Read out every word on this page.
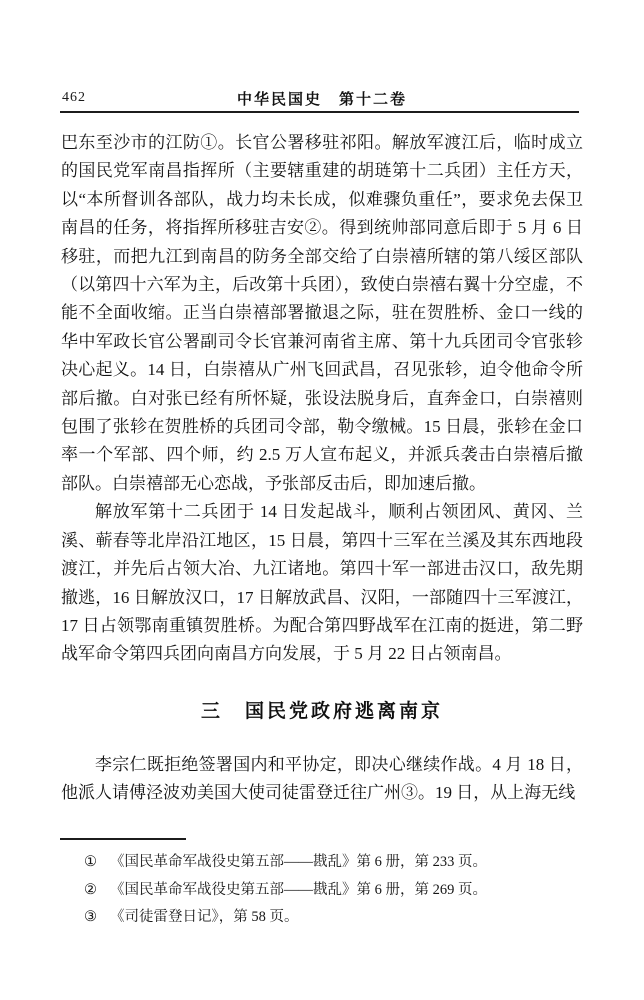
462	中华民国史　第十二卷

巴东至沙市的江防①。长官公署移驻祁阳。解放军渡江后，临时成立的国民党军南昌指挥所（主要辖重建的胡琏第十二兵团）主任方天，以“本所督训各部队，战力均未长成，似难骤负重任”，要求免去保卫南昌的任务，将指挥所移驻吉安②。得到统帅部同意后即于 5 月 6 日移驻，而把九江到南昌的防务全部交给了白崇禧所辖的第八绥区部队（以第四十六军为主，后改第十兵团），致使白崇禧右翼十分空虚，不能不全面收缩。正当白崇禧部署撤退之际，驻在贺胜桥、金口一线的华中军政长官公署副司令长官兼河南省主席、第十九兵团司令官张轸决心起义。14 日，白崇禧从广州飞回武昌，召见张轸，迫令他命令所部后撤。白对张已经有所怀疑，张设法脱身后，直奔金口，白崇禧则包围了张轸在贺胜桥的兵团司令部，勒令缴械。15 日晨，张轸在金口率一个军部、四个师，约 2.5 万人宣布起义，并派兵袭击白崇禧后撤部队。白崇禧部无心恋战，予张部反击后，即加速后撤。

解放军第十二兵团于 14 日发起战斗，顺利占领团风、黄冈、兰溪、蕲春等北岸沿江地区，15 日晨，第四十三军在兰溪及其东西地段渡江，并先后占领大冶、九江诸地。第四十军一部进击汉口，敌先期撤逃，16 日解放汉口，17 日解放武昌、汉阳，一部随四十三军渡江，17 日占领鄂南重镇贺胜桥。为配合第四野战军在江南的挺进，第二野战军命令第四兵团向南昌方向发展，于 5 月 22 日占领南昌。

三　国民党政府逃离南京

李宗仁既拒绝签署国内和平协定，即决心继续作战。4 月 18 日，他派人请傅泾波劝美国大使司徒雷登迁往广州③。19 日，从上海无线

① 《国民革命军战役史第五部——戡乱》第 6 册，第 233 页。
② 《国民革命军战役史第五部——戡乱》第 6 册，第 269 页。
③ 《司徒雷登日记》，第 58 页。
